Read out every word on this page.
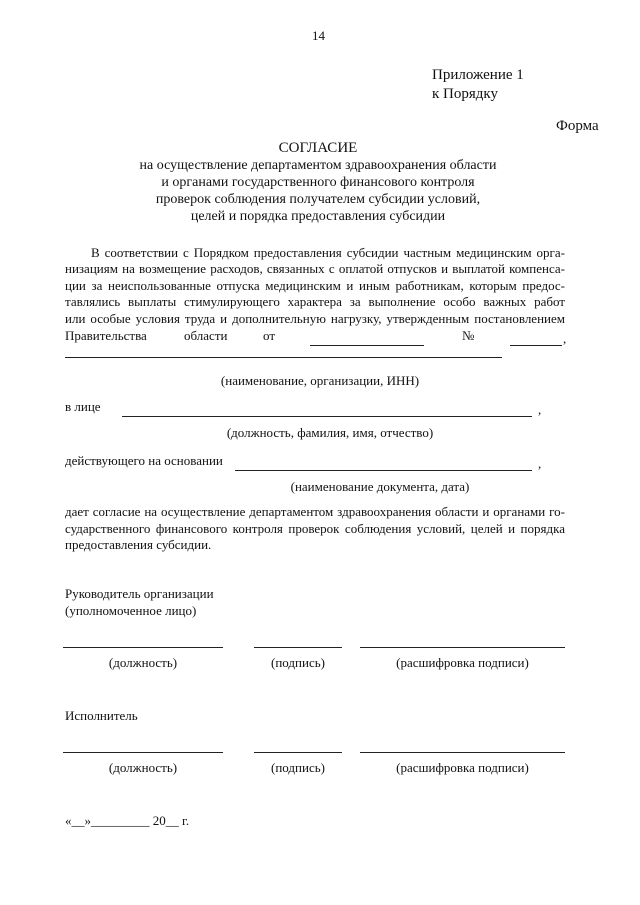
14
Приложение 1
к Порядку
Форма
СОГЛАСИЕ
на осуществление департаментом здравоохранения области
и органами государственного финансового контроля
проверок соблюдения получателем субсидии условий,
целей и порядка предоставления субсидии
В соответствии с Порядком предоставления субсидии частным медицинским орга-
низациям на возмещение расходов, связанных с оплатой отпусков и выплатой компенса-
ции за неиспользованные отпуска медицинским и иным работникам, которым предос-
тавлялись выплаты стимулирующего характера за выполнение особо важных работ
или особые условия труда и дополнительную нагрузку, утвержденным постановлением
Правительства	области	от	№	,
(наименование, организации, ИНН)
в лице	,
(должность, фамилия, имя, отчество)
действующего на основании	,
(наименование документа, дата)
дает согласие на осуществление департаментом здравоохранения области и органами го-
сударственного финансового контроля проверок соблюдения условий, целей и порядка
предоставления субсидии.
Руководитель организации
(уполномоченное лицо)
(должность)	(подпись)	(расшифровка подписи)
Исполнитель
(должность)	(подпись)	(расшифровка подписи)
«__»_________ 20__ г.
